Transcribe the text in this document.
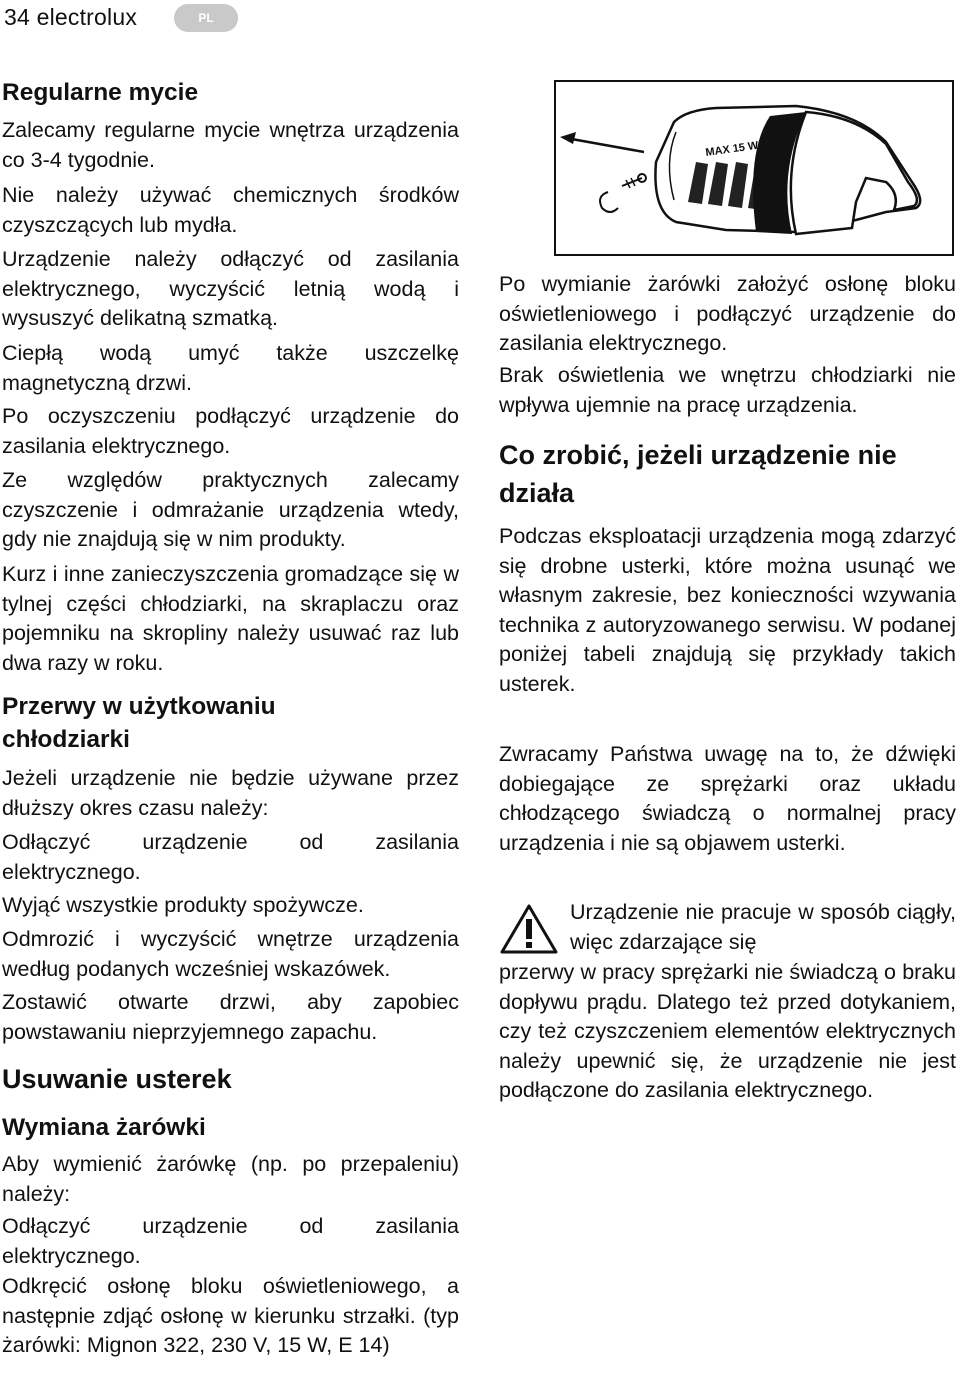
34 electrolux	PL
Regularne mycie

Zalecamy regularne mycie wnętrza urządzenia co 3-4 tygodnie.

Nie należy używać chemicznych środków czyszczących lub mydła.

Urządzenie należy odłączyć od zasilania elektrycznego, wyczyścić letnią wodą i wysuszyć delikatną szmatką.

Ciepłą wodą umyć także uszczelkę magnetyczną drzwi.

Po oczyszczeniu podłączyć urządzenie do zasilania elektrycznego.

Ze względów praktycznych zalecamy czyszczenie i odmrażanie urządzenia wtedy, gdy nie znajdują się w nim produkty.

Kurz i inne zanieczyszczenia gromadzące się w tylnej części chłodziarki, na skraplaczu oraz pojemniku na skropliny należy usuwać raz lub dwa razy w roku.

Przerwy w użytkowaniu chłodziarki

Jeżeli urządzenie nie będzie używane przez dłuższy okres czasu należy:

Odłączyć urządzenie od zasilania elektrycznego.

Wyjąć wszystkie produkty spożywcze.

Odmrozić i wyczyścić wnętrze urządzenia według podanych wcześniej wskazówek.

Zostawić otwarte drzwi, aby zapobiec powstawaniu nieprzyjemnego zapachu.

Usuwanie usterek
Wymiana żarówki

Aby wymienić żarówkę (np. po przepaleniu) należy:

Odłączyć urządzenie od zasilania elektrycznego.

Odkręcić osłonę bloku oświetleniowego, a następnie zdjąć osłonę w kierunku strzałki. (typ żarówki: Mignon 322, 230 V, 15 W, E 14)

MAX 15 W

Po wymianie żarówki założyć osłonę bloku oświetleniowego i podłączyć urządzenie do zasilania elektrycznego.

Brak oświetlenia we wnętrzu chłodziarki nie wpływa ujemnie na pracę urządzenia.

Co zrobić, jeżeli urządzenie nie działa

Podczas eksploatacji urządzenia mogą zdarzyć się drobne usterki, które można usunąć we własnym zakresie, bez konieczności wzywania technika z autoryzowanego serwisu. W podanej poniżej tabeli znajdują się przykłady takich usterek.

Zwracamy Państwa uwagę na to, że dźwięki dobiegające ze sprężarki oraz układu chłodzącego świadczą o normalnej pracy urządzenia i nie są objawem usterki.

Urządzenie nie pracuje w sposób ciągły, więc zdarzające się

przerwy w pracy sprężarki nie świadczą o braku dopływu prądu. Dlatego też przed dotykaniem, czy też czyszczeniem elementów elektrycznych należy upewnić się, że urządzenie nie jest podłączone do zasilania elektrycznego.
